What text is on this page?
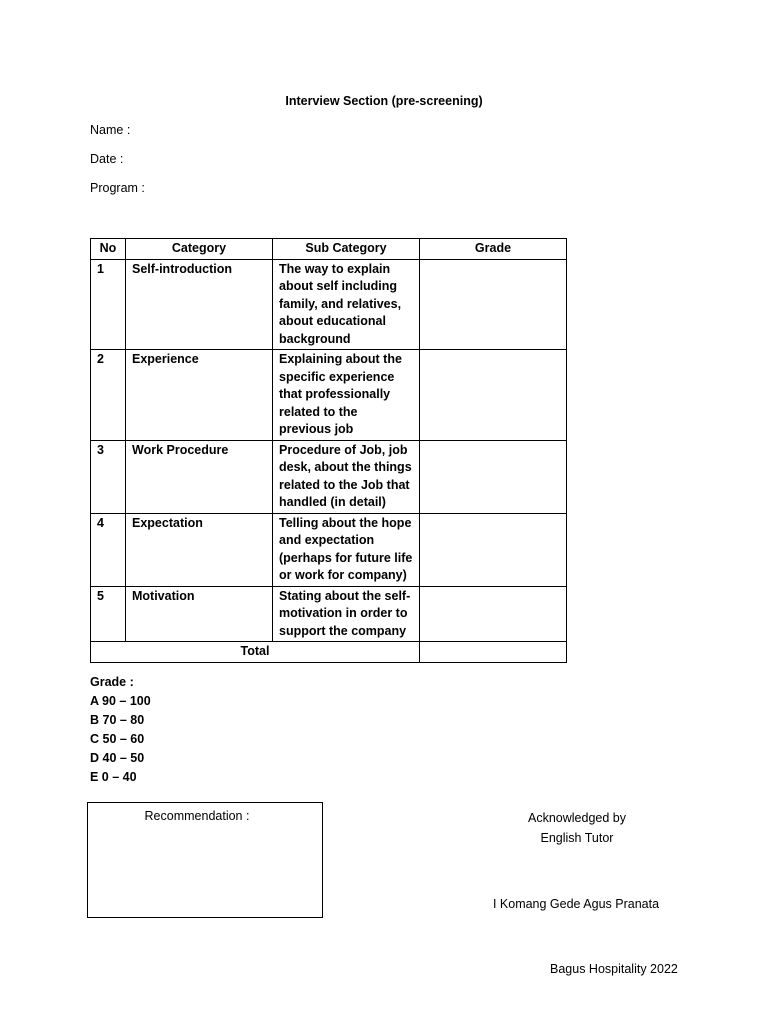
Interview Section (pre-screening)
Name :
Date :
Program :
No	Category	Sub Category	Grade
1	Self-introduction	The way to explain about self including family, and relatives, about educational background	
2	Experience	Explaining about the specific experience that professionally related to the previous job	
3	Work Procedure	Procedure of Job, job desk, about the things related to the Job that handled (in detail)	
4	Expectation	Telling about the hope and expectation (perhaps for future life or work for company)	
5	Motivation	Stating about the self-motivation in order to support the company	
Total			
Grade :
A 90 – 100
B 70 – 80
C 50 – 60
D 40 – 50
E 0 – 40
Recommendation :	Acknowledged by
English Tutor
I Komang Gede Agus Pranata
Bagus Hospitality 2022
